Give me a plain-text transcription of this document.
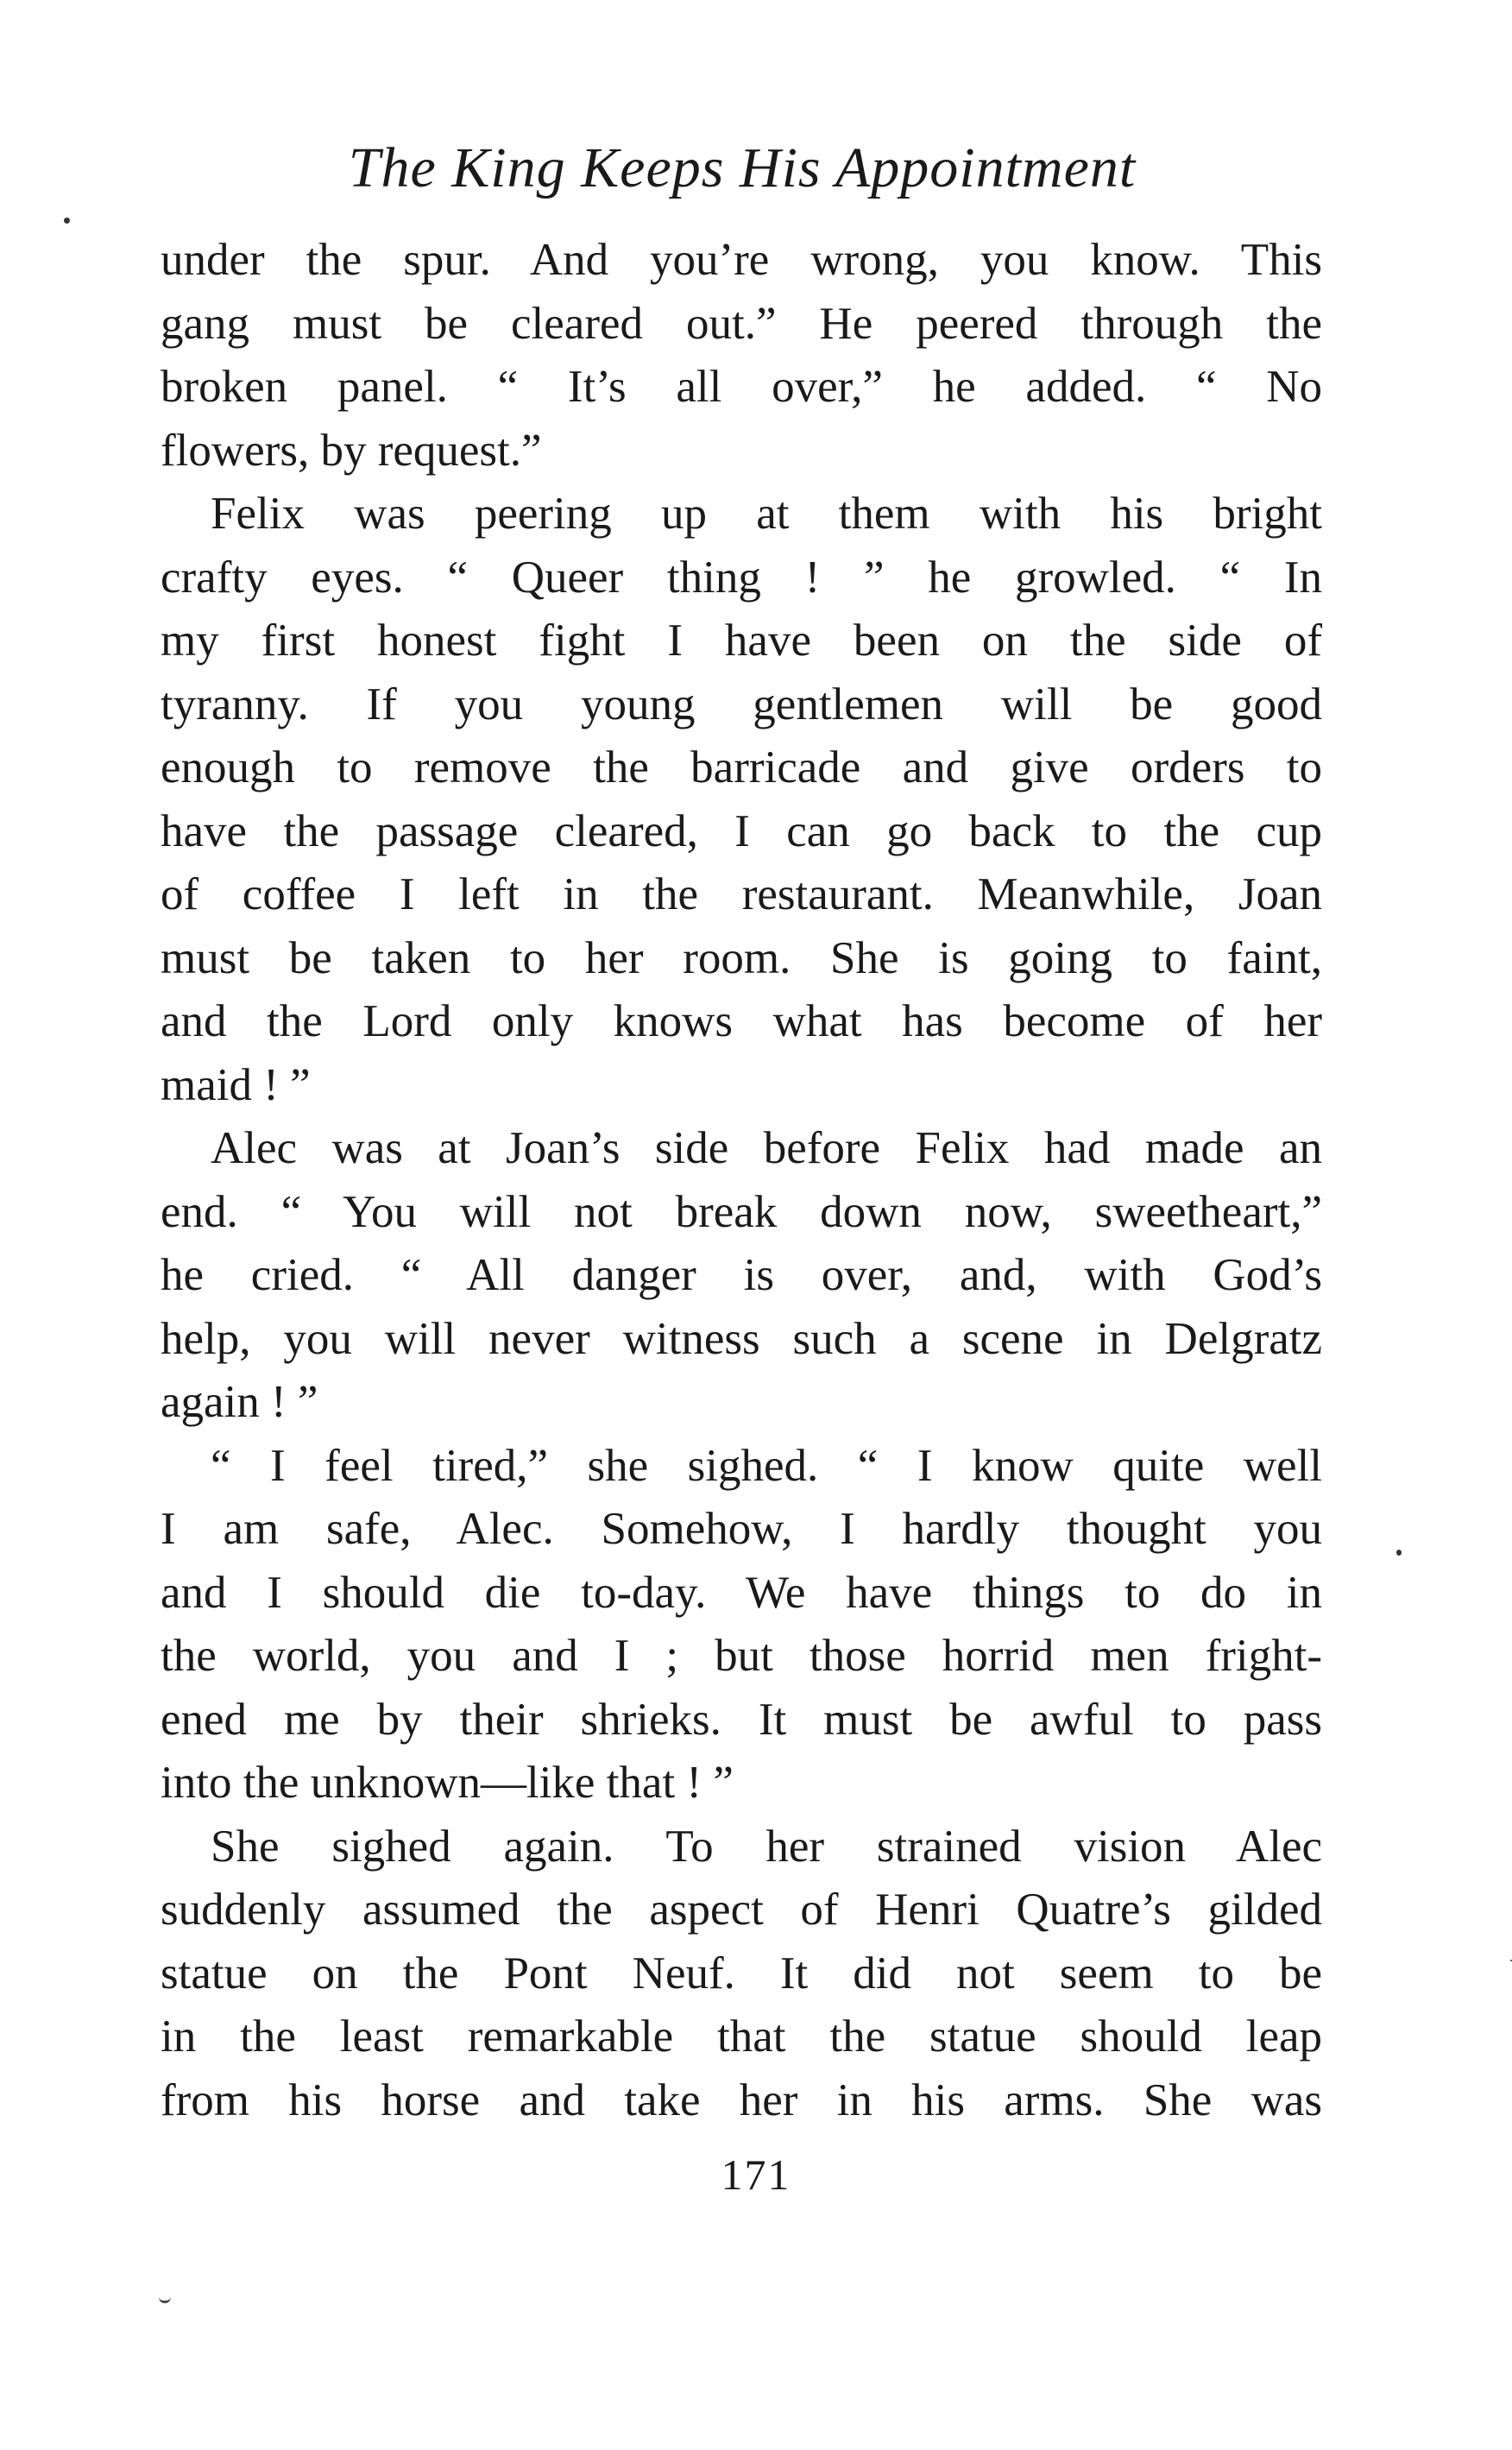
The King Keeps His Appointment
under the spur. And you’re wrong, you know. This
gang must be cleared out.” He peered through the
broken panel. “ It’s all over,” he added. “ No
flowers, by request.”
Felix was peering up at them with his bright
crafty eyes. “ Queer thing ! ” he growled. “ In
my first honest fight I have been on the side of
tyranny. If you young gentlemen will be good
enough to remove the barricade and give orders to
have the passage cleared, I can go back to the cup
of coffee I left in the restaurant. Meanwhile, Joan
must be taken to her room. She is going to faint,
and the Lord only knows what has become of her
maid ! ”
Alec was at Joan’s side before Felix had made an
end. “ You will not break down now, sweetheart,”
he cried. “ All danger is over, and, with God’s
help, you will never witness such a scene in Delgratz
again ! ”
“ I feel tired,” she sighed. “ I know quite well
I am safe, Alec. Somehow, I hardly thought you
and I should die to-day. We have things to do in
the world, you and I ; but those horrid men fright-
ened me by their shrieks. It must be awful to pass
into the unknown—like that ! ”
She sighed again. To her strained vision Alec
suddenly assumed the aspect of Henri Quatre’s gilded
statue on the Pont Neuf. It did not seem to be
in the least remarkable that the statue should leap
from his horse and take her in his arms. She was
171
